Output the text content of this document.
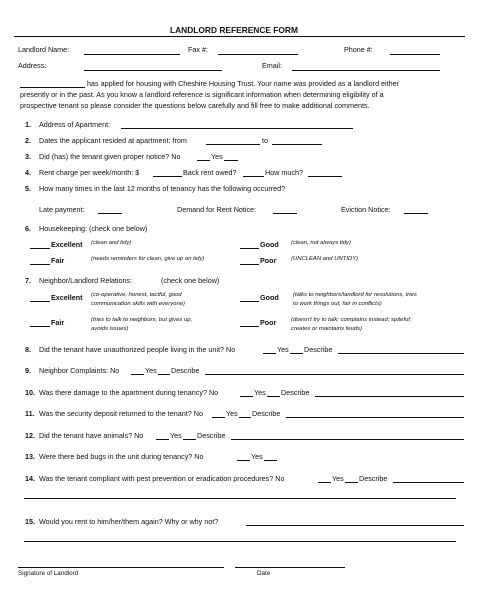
LANDLORD REFERENCE FORM
Landlord Name:	Fax #:	Phone #:
Address:	Email:
has applied for housing with Cheshire Housing Trust. Your name was provided as a landlord either
presently or in the past. As you know a landlord reference is significant information when determining eligibility of a
prospective tenant so please consider the questions below carefully and fill free to make additional comments.
1. Address of Apartment:
2. Dates the applicant resided at apartment: from	to
3. Did (has) the tenant given proper notice? No	Yes
4. Rent charge per week/month: $	Back rent owed?	How much?
5. How many times in the last 12 months of tenancy has the following occurred?
Late payment:	Demand for Rent Notice:	Eviction Notice:
6. Housekeeping: (check one below)
Excellent (clean and tidy)	Good (clean, not always tidy)
Fair	(needs reminders for clean, give up on tidy)	Poor (UNCLEAN and UNTIDY)
7. Neighbor/Landlord Relations:	(check one below)
Excellent (co-operative, honest, tactful, good
communication skills with everyone)
Good (talks to neighbors/landlord for resolutions, tries
to work things out, fair in conflicts)
Fair	(tries to talk to neighbors, but gives up,
avoids issues)
Poor (doesn't try to talk; complains instead; spiteful;
creates or maintains feuds)
8. Did the tenant have unauthorized people living in the unit? No	Yes Describe
9. Neighbor Complaints: No	Yes Describe
10. Was there damage to the apartment during tenancy? No	Yes Describe
11. Was the security deposit returned to the tenant? No	Yes Describe
12. Did the tenant have animals? No	Yes Describe
13. Were there bed bugs in the unit during tenancy? No	Yes
14. Was the tenant compliant with pest prevention or eradication procedures? No	Yes Describe
15. Would you rent to him/her/them again? Why or why not?
Signature of Landlord	Date
